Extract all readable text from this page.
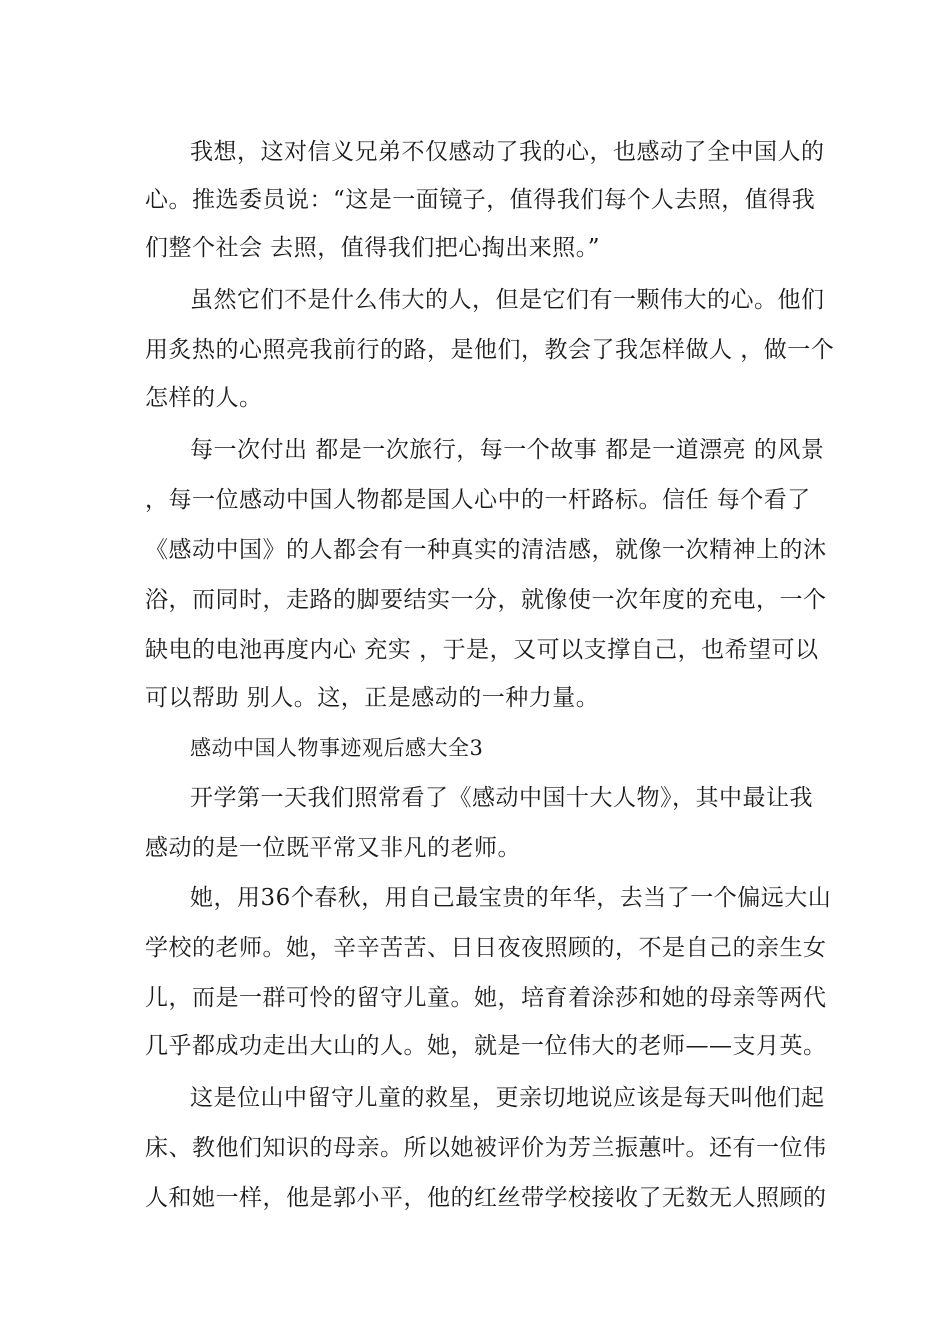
我想，这对信义兄弟不仅感动了我的心，也感动了全中国人的
心。推选委员说：“这是一面镜子，值得我们每个人去照，值得我
们整个社会 去照，值得我们把心掏出来照。”
虽然它们不是什么伟大的人，但是它们有一颗伟大的心。他们
用炙热的心照亮我前行的路，是他们，教会了我怎样做人 ，做一个
怎样的人。
每一次付出 都是一次旅行，每一个故事 都是一道漂亮 的风景
，每一位感动中国人物都是国人心中的一杆路标。信任 每个看了
《感动中国》的人都会有一种真实的清洁感，就像一次精神上的沐
浴，而同时，走路的脚要结实一分，就像使一次年度的充电，一个
缺电的电池再度内心 充实 ，于是，又可以支撑自己，也希望可以
可以帮助 别人。这，正是感动的一种力量。
感动中国人物事迹观后感大全3
开学第一天我们照常看了《感动中国十大人物》，其中最让我
感动的是一位既平常又非凡的老师。
她，用36个春秋，用自己最宝贵的年华，去当了一个偏远大山
学校的老师。她，辛辛苦苦、日日夜夜照顾的，不是自己的亲生女
儿，而是一群可怜的留守儿童。她，培育着涂莎和她的母亲等两代
几乎都成功走出大山的人。她，就是一位伟大的老师——支月英。
这是位山中留守儿童的救星，更亲切地说应该是每天叫他们起
床、教他们知识的母亲。所以她被评价为芳兰振蕙叶。还有一位伟
人和她一样，他是郭小平，他的红丝带学校接收了无数无人照顾的
